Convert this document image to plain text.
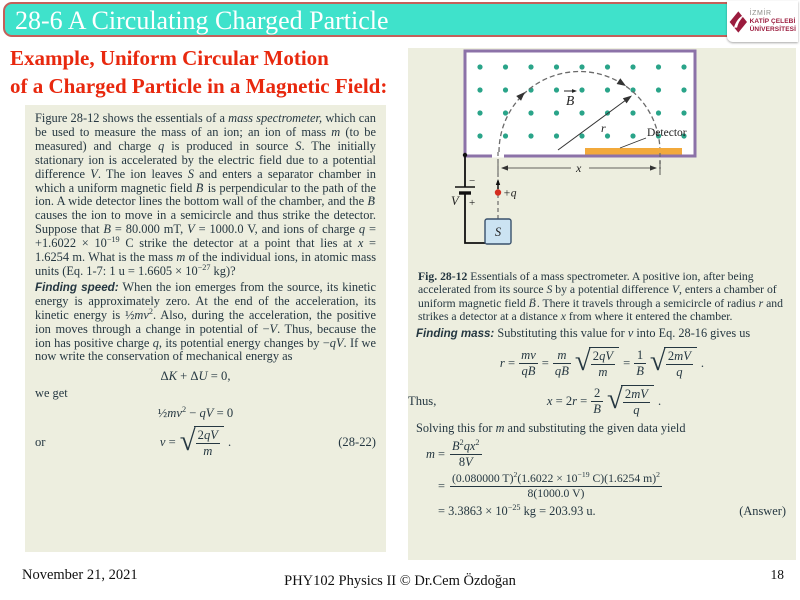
28-6 A Circulating Charged Particle	İZMİR
KATİP ÇELEBİ
ÜNİVERSİTESİ
Example, Uniform Circular Motion
of a Charged Particle in a Magnetic Field:

Figure 28-12 shows the essentials of a mass spectrometer, which can be used to measure the mass of an ion; an ion of mass m (to be measured) and charge q is produced in source S. The initially stationary ion is accelerated by the electric field due to a potential difference V. The ion leaves S and enters a separator chamber in which a uniform magnetic field B → is perpendicular to the path of the ion. A wide detector lines the bottom wall of the chamber, and the B → causes the ion to move in a semicircle and thus strike the detector. Suppose that B = 80.000 mT, V = 1000.0 V, and ions of charge $q = +1.6022 \times 10^{-19}$ C strike the detector at a point that lies at x = 1.6254 m. What is the mass m of the individual ions, in atomic mass units (Eq. 1-7: 1 $u = 1.6605 \times 10^{-27}$ kg)?

Finding speed: When the ion emerges from the source, its kinetic energy is approximately zero. At the end of the acceleration, its kinetic energy is $\frac{1}{2}mv^2$. Also, during the acceleration, the positive ion moves through a change in potential of −V. Thus, because the ion has positive charge q, its potential energy changes by −qV. If we now write the conservation of mechanical energy as

ΔK + ΔU = 0,

we get

$\frac{1}{2}mv^2$ − qV = 0
or	v = √ $\frac{2qV}{m}$ .	(28-22)
r
B
Detector
x
+q
−
+
V
S

Fig. 28-12 Essentials of a mass spectrometer. A positive ion, after being accelerated from its source S by a potential difference V, enters a chamber of uniform magnetic field B →. There it travels through a semicircle of radius r and strikes a detector at a distance x from where it entered the chamber.

Finding mass: Substituting this value for v into Eq. 28-16 gives us

$r = \frac{mv}{qB} = \frac{m}{qB}$ √ $\frac{2qV}{m} = \frac{1}{B}$ √ $\frac{2mV}{q}$ .
Thus,	$x = 2r = \frac{2}{B}$ √ $\frac{2mV}{q}$ .

Solving this for m and substituting the given data yield

$m = \frac{B^2qx^2}{8V}$
= $\frac{(0.080000 T)^2(1.6022 \times 10^{-19} C)(1.6254 m)^2}{8(1000.0 V)}$
= $3.3863 \times 10^{-25}$ kg = 203.93 u.	(Answer)
November 21, 2021	PHY102 Physics II © Dr.Cem Özdoğan	18
